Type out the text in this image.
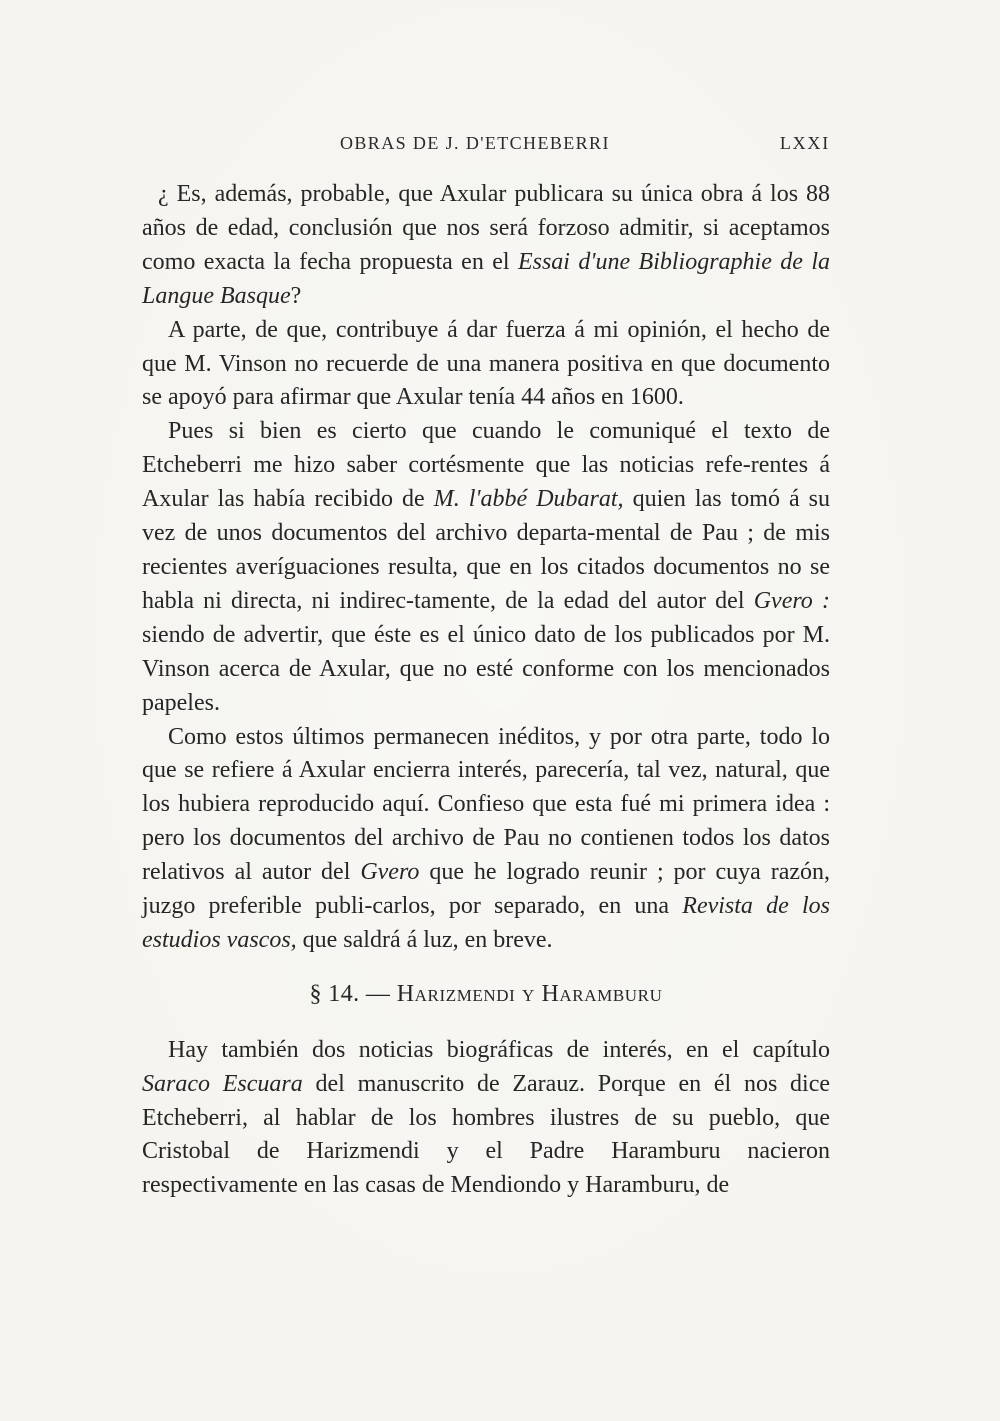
OBRAS DE J. D'ETCHEBERRI	LXXI

¿ Es, además, probable, que Axular publicara su única obra á los 88 años de edad, conclusión que nos será forzoso admitir, si aceptamos como exacta la fecha propuesta en el Essai d'une Bibliographie de la Langue Basque?

A parte, de que, contribuye á dar fuerza á mi opinión, el hecho de que M. Vinson no recuerde de una manera positiva en que documento se apoyó para afirmar que Axular tenía 44 años en 1600.

Pues si bien es cierto que cuando le comuniqué el texto de Etcheberri me hizo saber cortésmente que las noticias refe-rentes á Axular las había recibido de M. l'abbé Dubarat, quien las tomó á su vez de unos documentos del archivo departa-mental de Pau ; de mis recientes averíguaciones resulta, que en los citados documentos no se habla ni directa, ni indirec-tamente, de la edad del autor del Gvero : siendo de advertir, que éste es el único dato de los publicados por M. Vinson acerca de Axular, que no esté conforme con los mencionados papeles.

Como estos últimos permanecen inéditos, y por otra parte, todo lo que se refiere á Axular encierra interés, parecería, tal vez, natural, que los hubiera reproducido aquí. Confieso que esta fué mi primera idea : pero los documentos del archivo de Pau no contienen todos los datos relativos al autor del Gvero que he logrado reunir ; por cuya razón, juzgo preferible publi-carlos, por separado, en una Revista de los estudios vascos, que saldrá á luz, en breve.

§ 14. — Harizmendi y Haramburu

Hay también dos noticias biográficas de interés, en el capítulo Saraco Escuara del manuscrito de Zarauz. Porque en él nos dice Etcheberri, al hablar de los hombres ilustres de su pueblo, que Cristobal de Harizmendi y el Padre Haramburu nacieron respectivamente en las casas de Mendiondo y Haramburu, de
